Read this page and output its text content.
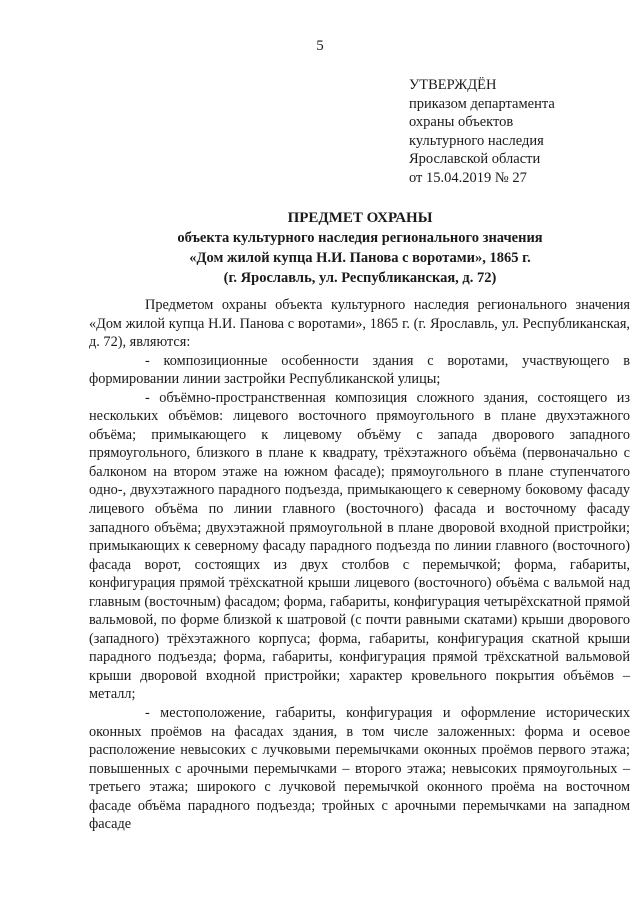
5
УТВЕРЖДЁН
приказом департамента
охраны объектов
культурного наследия
Ярославской области
от 15.04.2019 № 27
ПРЕДМЕТ ОХРАНЫ
объекта культурного наследия регионального значения
«Дом жилой купца Н.И. Панова с воротами», 1865 г.
(г. Ярославль, ул. Республиканская, д. 72)

Предметом охраны объекта культурного наследия регионального значения «Дом жилой купца Н.И. Панова с воротами», 1865 г. (г. Ярославль, ул. Республиканская, д. 72), являются:

- композиционные особенности здания с воротами, участвующего в формировании линии застройки Республиканской улицы;

- объёмно-пространственная композиция сложного здания, состоящего из нескольких объёмов: лицевого восточного прямоугольного в плане двухэтажного объёма; примыкающего к лицевому объёму с запада дворового западного прямоугольного, близкого в плане к квадрату, трёхэтажного объёма (первоначально с балконом на втором этаже на южном фасаде); прямоугольного в плане ступенчатого одно-, двухэтажного парадного подъезда, примыкающего к северному боковому фасаду лицевого объёма по линии главного (восточного) фасада и восточному фасаду западного объёма; двухэтажной прямоугольной в плане дворовой входной пристройки; примыкающих к северному фасаду парадного подъезда по линии главного (восточного) фасада ворот, состоящих из двух столбов с перемычкой; форма, габариты, конфигурация прямой трёхскатной крыши лицевого (восточного) объёма с вальмой над главным (восточным) фасадом; форма, габариты, конфигурация четырёхскатной прямой вальмовой, по форме близкой к шатровой (с почти равными скатами) крыши дворового (западного) трёхэтажного корпуса; форма, габариты, конфигурация скатной крыши парадного подъезда; форма, габариты, конфигурация прямой трёхскатной вальмовой крыши дворовой входной пристройки; характер кровельного покрытия объёмов – металл;

- местоположение, габариты, конфигурация и оформление исторических оконных проёмов на фасадах здания, в том числе заложенных: форма и осевое расположение невысоких с лучковыми перемычками оконных проёмов первого этажа; повышенных с арочными перемычками – второго этажа; невысоких прямоугольных – третьего этажа; широкого с лучковой перемычкой оконного проёма на восточном фасаде объёма парадного подъезда; тройных с арочными перемычками на западном фасаде
